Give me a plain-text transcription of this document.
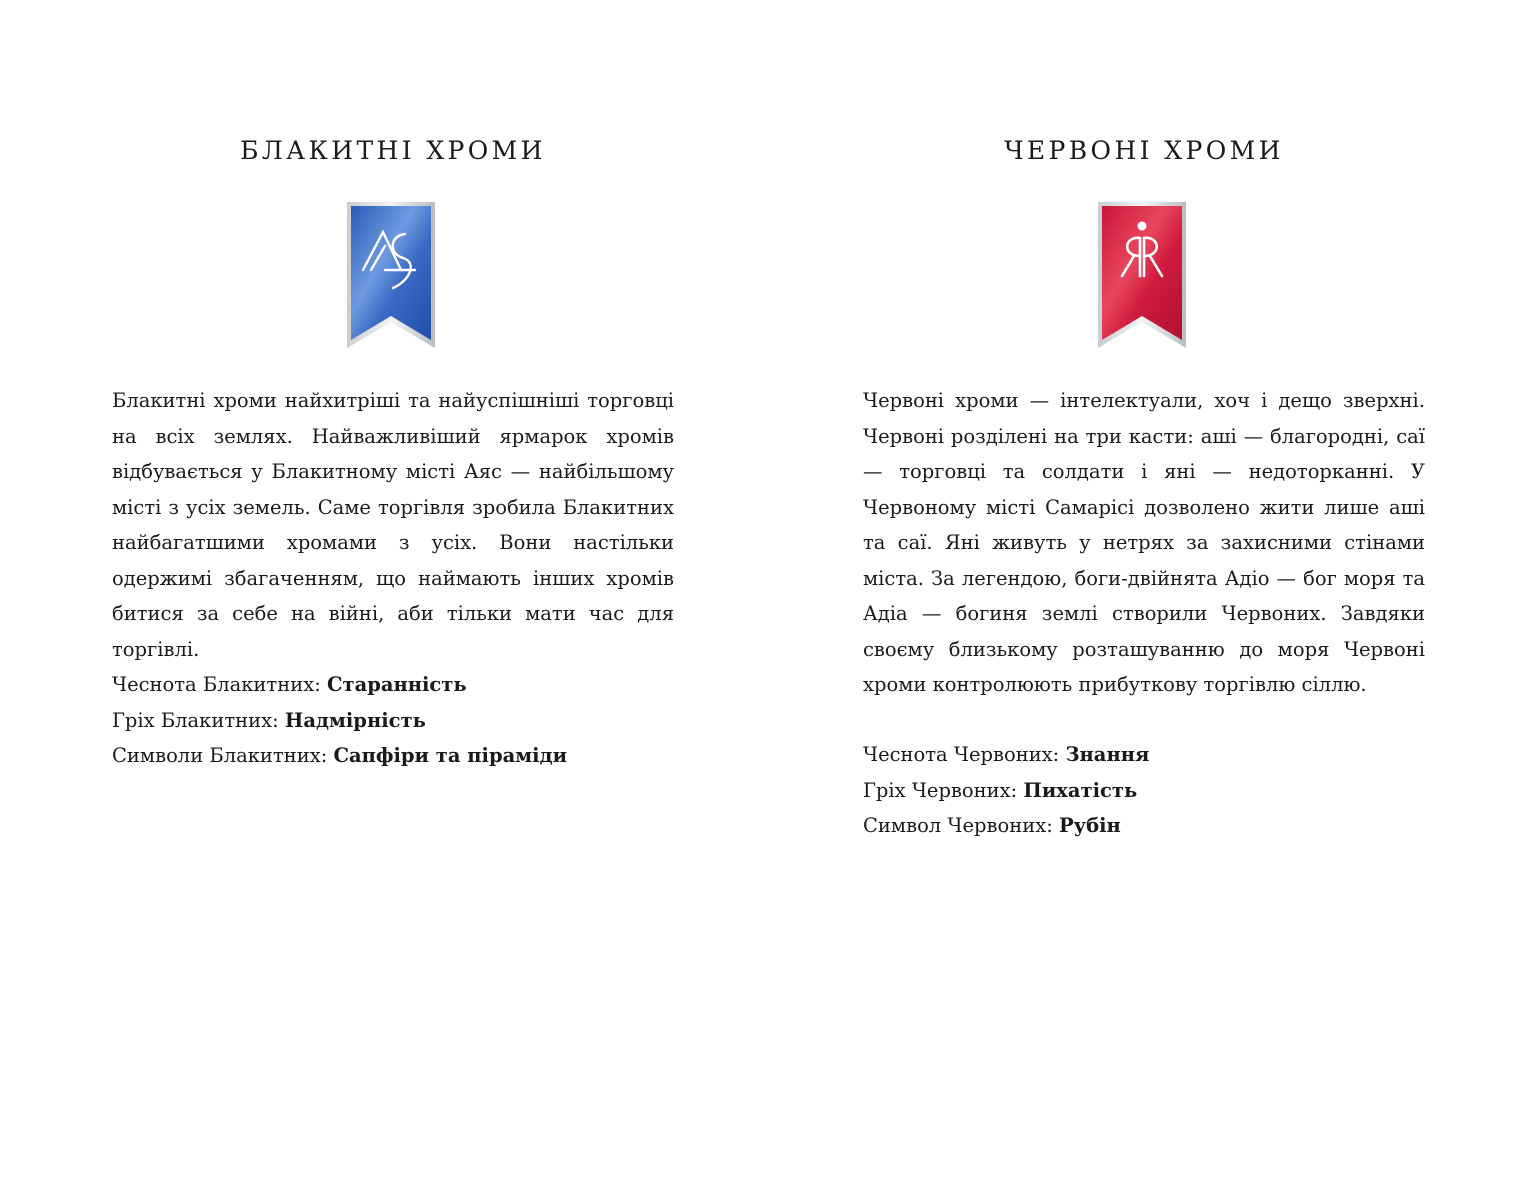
БЛАКИТНІ ХРОМИ

Блакитні хроми найхитріші та найуспішніші торговці на всіх землях. Найважливіший ярмарок хромів відбувається у Блакитному місті Аяс — найбільшому місті з усіх земель. Саме торгівля зробила Блакитних найбагатшими хромами з усіх. Вони настільки одержимі збагаченням, що наймають інших хромів битися за себе на війні, аби тільки мати час для торгівлі.

Чеснота Блакитних: Старанність
Гріх Блакитних: Надмірність
Символи Блакитних: Сапфіри та піраміди
ЧЕРВОНІ ХРОМИ

Червоні хроми — інтелектуали, хоч і дещо зверхні. Червоні розділені на три касти: аші — благородні, саї — торговці та солдати і яні — недоторканні. У Червоному місті Самарісі дозволено жити лише аші та саї. Яні живуть у нетрях за захисними стінами міста. За легендою, боги-двійнята Адіо — бог моря та Адіа — богиня землі створили Червоних. Завдяки своєму близькому розташуванню до моря Червоні хроми контролюють прибуткову торгівлю сіллю.

Чеснота Червоних: Знання
Гріх Червоних: Пихатість
Символ Червоних: Рубін
